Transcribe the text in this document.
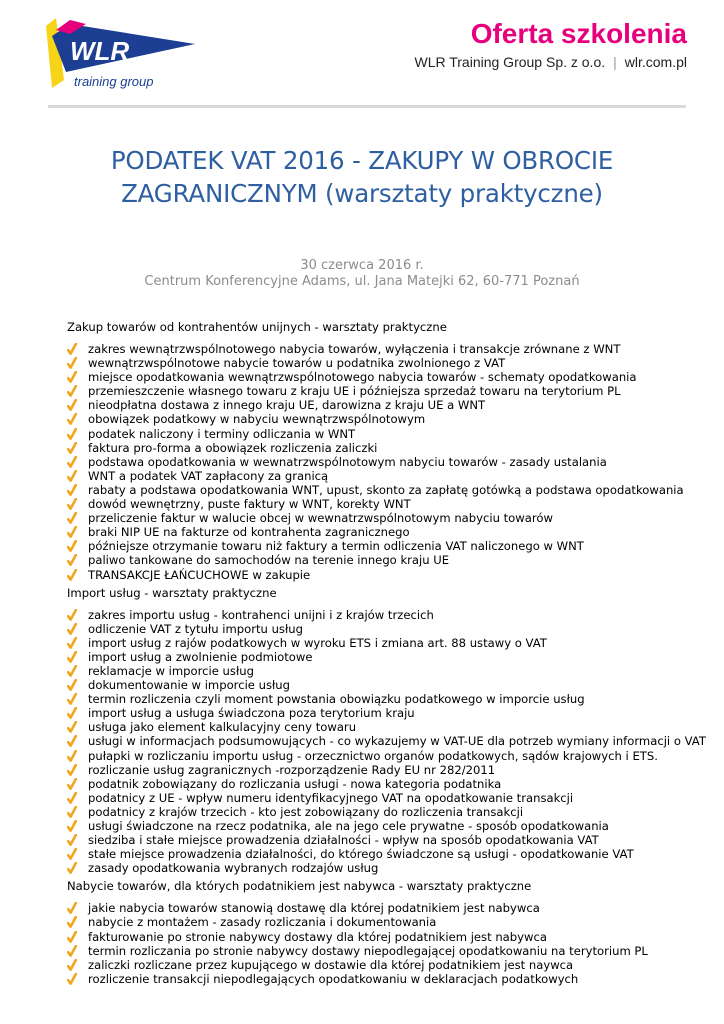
WLR
training group
Oferta szkolenia
WLR Training Group Sp. z o.o. | wlr.com.pl
PODATEK VAT 2016 - ZAKUPY W OBROCIE
ZAGRANICZNYM (warsztaty praktyczne)
30 czerwca 2016 r.
Centrum Konferencyjne Adams, ul. Jana Matejki 62, 60-771 Poznań
Zakup towarów od kontrahentów unijnych - warsztaty praktyczne
zakres wewnątrzwspólnotowego nabycia towarów, wyłączenia i transakcje zrównane z WNT
wewnątrzwspólnotowe nabycie towarów u podatnika zwolnionego z VAT
miejsce opodatkowania wewnątrzwspólnotowego nabycia towarów - schematy opodatkowania
przemieszczenie własnego towaru z kraju UE i późniejsza sprzedaż towaru na terytorium PL
nieodpłatna dostawa z innego kraju UE, darowizna z kraju UE a WNT
obowiązek podatkowy w nabyciu wewnątrzwspólnotowym
podatek naliczony i terminy odliczania w WNT
faktura pro-forma a obowiązek rozliczenia zaliczki
podstawa opodatkowania w wewnatrzwspólnotowym nabyciu towarów - zasady ustalania
WNT a podatek VAT zapłacony za granicą
rabaty a podstawa opodatkowania WNT, upust, skonto za zapłatę gotówką a podstawa opodatkowania
dowód wewnętrzny, puste faktury w WNT, korekty WNT
przeliczenie faktur w walucie obcej w wewnatrzwspólnotowym nabyciu towarów
braki NIP UE na fakturze od kontrahenta zagranicznego
późniejsze otrzymanie towaru niż faktury a termin odliczenia VAT naliczonego w WNT
paliwo tankowane do samochodów na terenie innego kraju UE
TRANSAKCJE ŁAŃCUCHOWE w zakupie
Import usług - warsztaty praktyczne
zakres importu usług - kontrahenci unijni i z krajów trzecich
odliczenie VAT z tytułu importu usług
import usług z rajów podatkowych w wyroku ETS i zmiana art. 88 ustawy o VAT
import usług a zwolnienie podmiotowe
reklamacje w imporcie usług
dokumentowanie w imporcie usług
termin rozliczenia czyli moment powstania obowiązku podatkowego w imporcie usług
import usług a usługa świadczona poza terytorium kraju
usługa jako element kalkulacyjny ceny towaru
usługi w informacjach podsumowujących - co wykazujemy w VAT-UE dla potrzeb wymiany informacji o VAT
pułapki w rozliczaniu importu usług - orzecznictwo organów podatkowych, sądów krajowych i ETS.
rozliczanie usług zagranicznych -rozporządzenie Rady EU nr 282/2011
podatnik zobowiązany do rozliczania usługi - nowa kategoria podatnika
podatnicy z UE - wpływ numeru identyfikacyjnego VAT na opodatkowanie transakcji
podatnicy z krajów trzecich - kto jest zobowiązany do rozliczenia transakcji
usługi świadczone na rzecz podatnika, ale na jego cele prywatne - sposób opodatkowania
siedziba i stałe miejsce prowadzenia działalności - wpływ na sposób opodatkowania VAT
stałe miejsce prowadzenia działalności, do którego świadczone są usługi - opodatkowanie VAT
zasady opodatkowania wybranych rodzajów usług
Nabycie towarów, dla których podatnikiem jest nabywca - warsztaty praktyczne
jakie nabycia towarów stanowią dostawę dla której podatnikiem jest nabywca
nabycie z montażem - zasady rozliczania i dokumentowania
fakturowanie po stronie nabywcy dostawy dla której podatnikiem jest nabywca
termin rozliczania po stronie nabywcy dostawy niepodlegającej opodatkowaniu na terytorium PL
zaliczki rozliczane przez kupującego w dostawie dla której podatnikiem jest naywca
rozliczenie transakcji niepodlegających opodatkowaniu w deklaracjach podatkowych
